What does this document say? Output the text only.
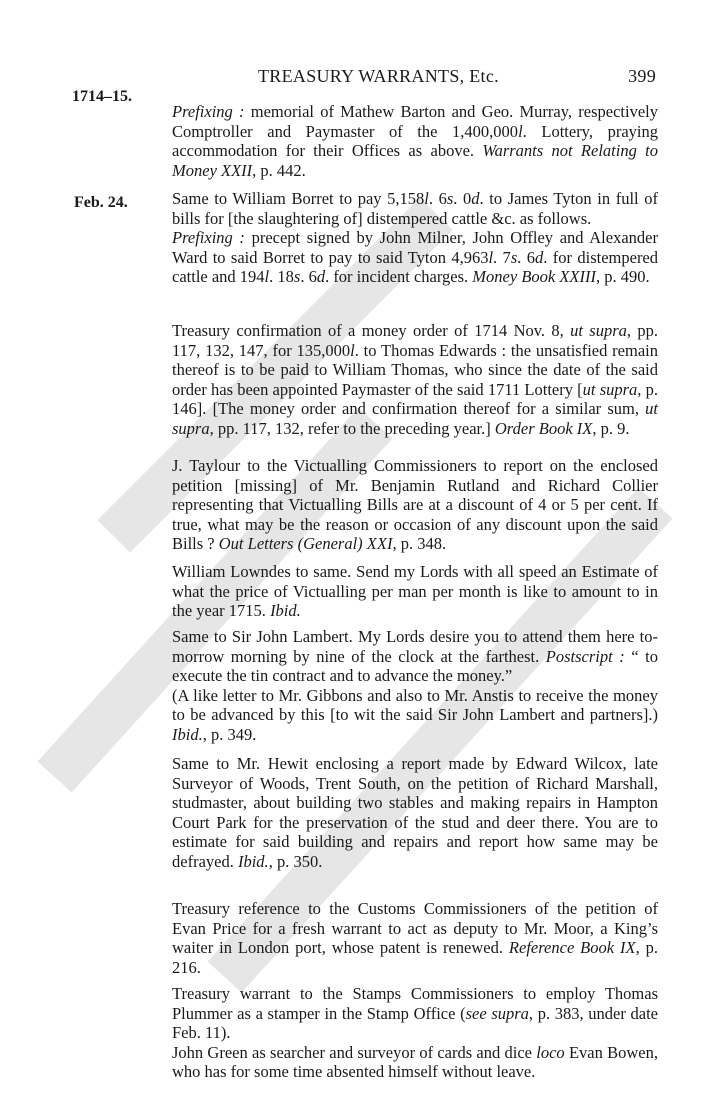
TREASURY WARRANTS, Etc.	399
1714–15.
Feb. 24.

Prefixing : memorial of Mathew Barton and Geo. Murray, respectively Comptroller and Paymaster of the 1,400,000l. Lottery, praying accommodation for their Offices as above. Warrants not Relating to Money XXII, p. 442.

Same to William Borret to pay 5,158l. 6s. 0d. to James Tyton in full of bills for [the slaughtering of] distempered cattle &c. as follows.

Prefixing : precept signed by John Milner, John Offley and Alexander Ward to said Borret to pay to said Tyton 4,963l. 7s. 6d. for distempered cattle and 194l. 18s. 6d. for incident charges. Money Book XXIII, p. 490.

Treasury confirmation of a money order of 1714 Nov. 8, ut supra, pp. 117, 132, 147, for 135,000l. to Thomas Edwards : the unsatisfied remain thereof is to be paid to William Thomas, who since the date of the said order has been appointed Paymaster of the said 1711 Lottery [ut supra, p. 146]. [The money order and confirmation thereof for a similar sum, ut supra, pp. 117, 132, refer to the preceding year.] Order Book IX, p. 9.

J. Taylour to the Victualling Commissioners to report on the enclosed petition [missing] of Mr. Benjamin Rutland and Richard Collier representing that Victualling Bills are at a discount of 4 or 5 per cent. If true, what may be the reason or occasion of any discount upon the said Bills ? Out Letters (General) XXI, p. 348.

William Lowndes to same. Send my Lords with all speed an Estimate of what the price of Victualling per man per month is like to amount to in the year 1715. Ibid.

Same to Sir John Lambert. My Lords desire you to attend them here to-morrow morning by nine of the clock at the farthest. Postscript : “ to execute the tin contract and to advance the money.”

(A like letter to Mr. Gibbons and also to Mr. Anstis to receive the money to be advanced by this [to wit the said Sir John Lambert and partners].) Ibid., p. 349.

Same to Mr. Hewit enclosing a report made by Edward Wilcox, late Surveyor of Woods, Trent South, on the petition of Richard Marshall, studmaster, about building two stables and making repairs in Hampton Court Park for the preservation of the stud and deer there. You are to estimate for said building and repairs and report how same may be defrayed. Ibid., p. 350.

Treasury reference to the Customs Commissioners of the petition of Evan Price for a fresh warrant to act as deputy to Mr. Moor, a King’s waiter in London port, whose patent is renewed. Reference Book IX, p. 216.

Treasury warrant to the Stamps Commissioners to employ Thomas Plummer as a stamper in the Stamp Office (see supra, p. 383, under date Feb. 11).

John Green as searcher and surveyor of cards and dice loco Evan Bowen, who has for some time absented himself without leave.
